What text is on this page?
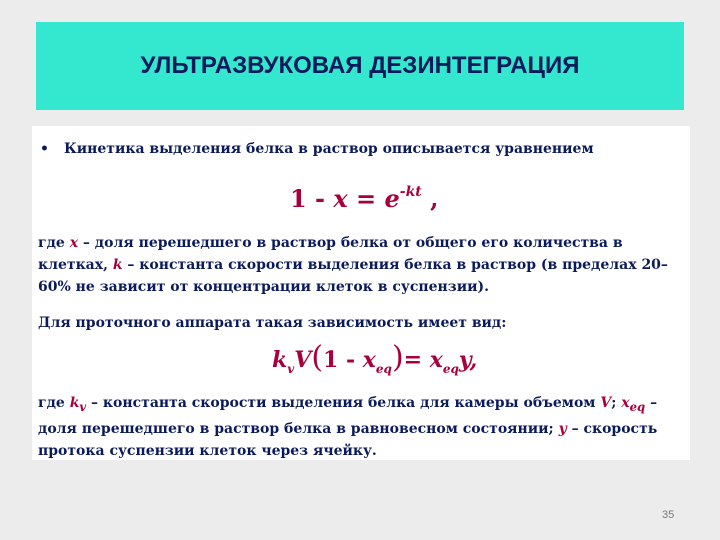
УЛЬТРАЗВУКОВАЯ ДЕЗИНТЕГРАЦИЯ
• Кинетика выделения белка в раствор описывается уравнением
$1 - x = e^{-kt}$ ,
где x – доля перешедшего в раствор белка от общего его количества в клетках, k – константа скорости выделения белка в раствор (в пределах 20–60% не зависит от концентрации клеток в суспензии).
Для проточного аппарата такая зависимость имеет вид:
$k_vV(1 - x_{eq})= x_{eq}y$,
где $k_v$ – константа скорости выделения белка для камеры объемом V; $x_{eq}$ – доля перешедшего в раствор белка в равновесном состоянии; y – скорость протока суспензии клеток через ячейку.
35
